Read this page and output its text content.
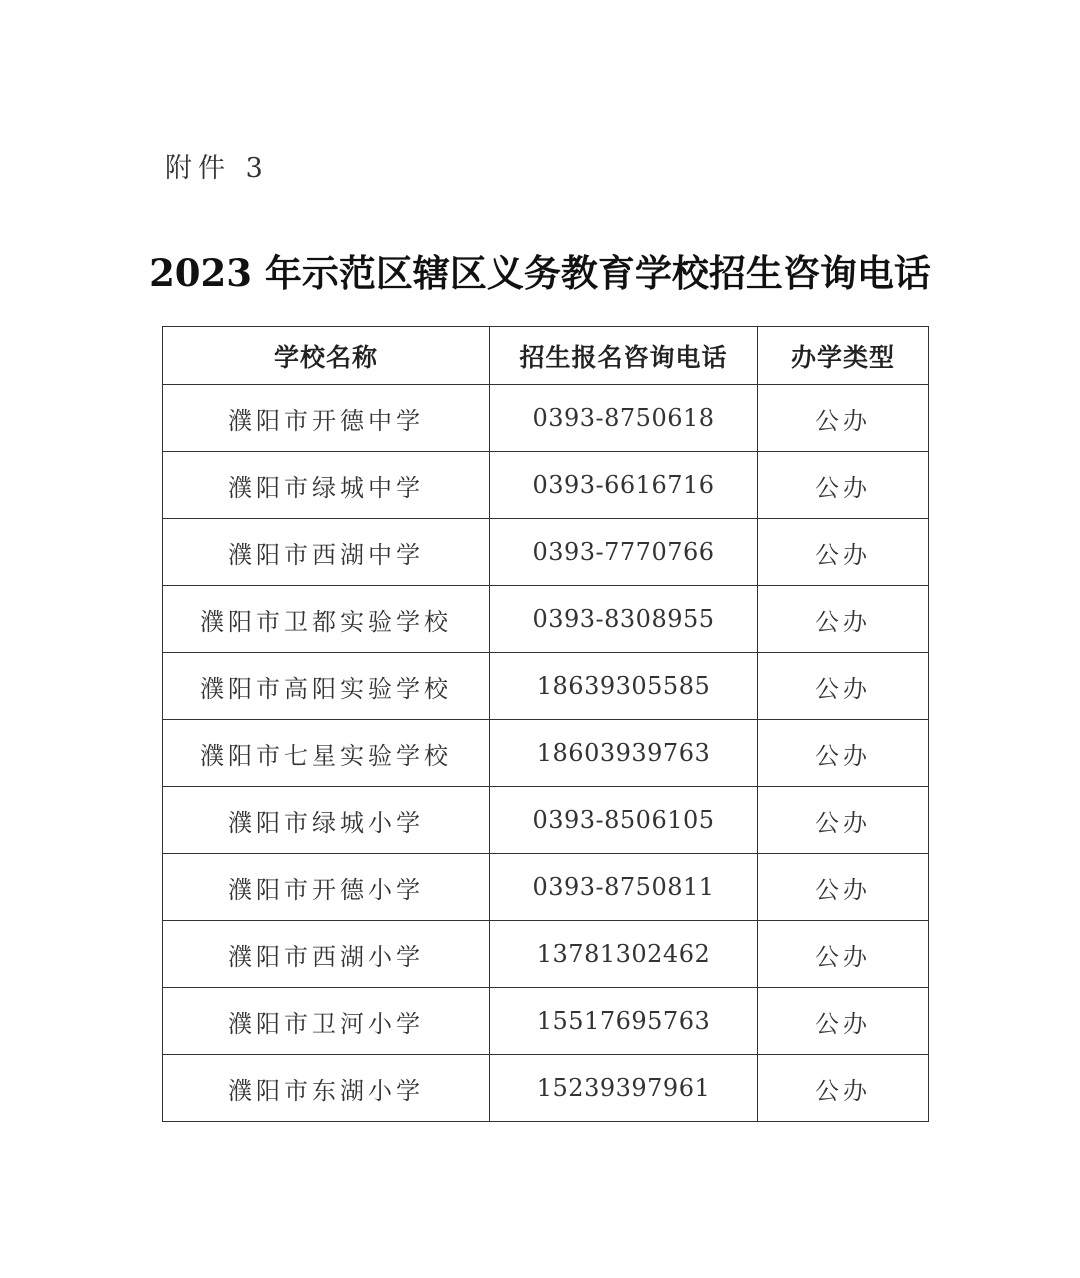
附件 3
2023 年示范区辖区义务教育学校招生咨询电话
学校名称	招生报名咨询电话	办学类型
濮阳市开德中学	0393-8750618	公办
濮阳市绿城中学	0393-6616716	公办
濮阳市西湖中学	0393-7770766	公办
濮阳市卫都实验学校	0393-8308955	公办
濮阳市高阳实验学校	18639305585	公办
濮阳市七星实验学校	18603939763	公办
濮阳市绿城小学	0393-8506105	公办
濮阳市开德小学	0393-8750811	公办
濮阳市西湖小学	13781302462	公办
濮阳市卫河小学	15517695763	公办
濮阳市东湖小学	15239397961	公办
